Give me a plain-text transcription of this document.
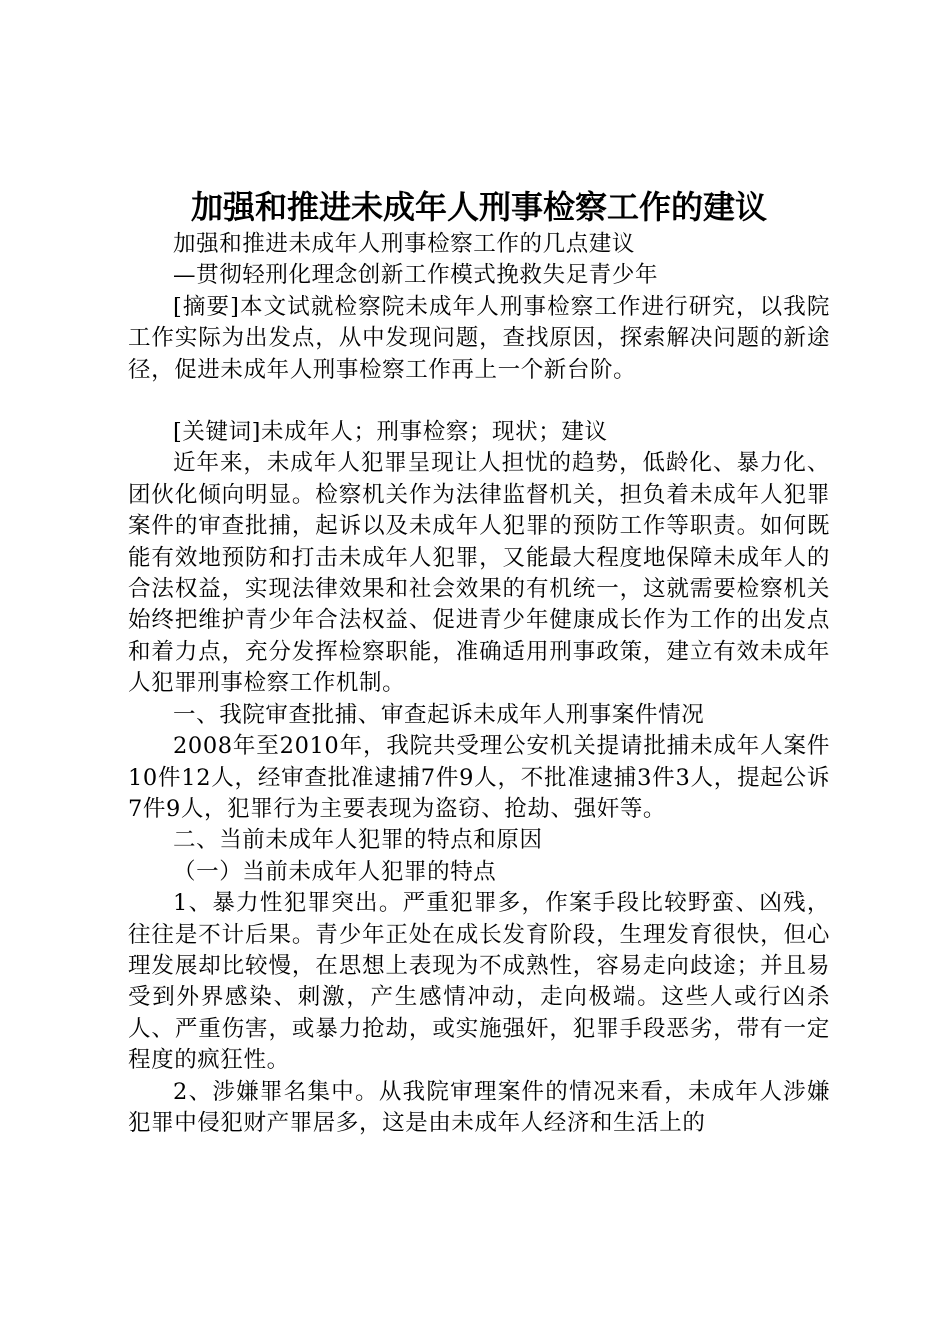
加强和推进未成年人刑事检察工作的建议

加强和推进未成年人刑事检察工作的几点建议

—贯彻轻刑化理念创新工作模式挽救失足青少年

[摘要]本文试就检察院未成年人刑事检察工作进行研究，以我院工作实际为出发点，从中发现问题，查找原因，探索解决问题的新途径，促进未成年人刑事检察工作再上一个新台阶。

[关键词]未成年人；刑事检察；现状；建议

近年来，未成年人犯罪呈现让人担忧的趋势，低龄化、暴力化、团伙化倾向明显。检察机关作为法律监督机关，担负着未成年人犯罪案件的审查批捕，起诉以及未成年人犯罪的预防工作等职责。如何既能有效地预防和打击未成年人犯罪，又能最大程度地保障未成年人的合法权益，实现法律效果和社会效果的有机统一，这就需要检察机关始终把维护青少年合法权益、促进青少年健康成长作为工作的出发点和着力点，充分发挥检察职能，准确适用刑事政策，建立有效未成年人犯罪刑事检察工作机制。

一、我院审查批捕、审查起诉未成年人刑事案件情况

2008年至2010年，我院共受理公安机关提请批捕未成年人案件10件12人，经审查批准逮捕7件9人，不批准逮捕3件3人，提起公诉7件9人，犯罪行为主要表现为盗窃、抢劫、强奸等。

二、当前未成年人犯罪的特点和原因

（一）当前未成年人犯罪的特点

1、暴力性犯罪突出。严重犯罪多，作案手段比较野蛮、凶残，往往是不计后果。青少年正处在成长发育阶段，生理发育很快，但心理发展却比较慢，在思想上表现为不成熟性，容易走向歧途；并且易受到外界感染、刺激，产生感情冲动，走向极端。这些人或行凶杀人、严重伤害，或暴力抢劫，或实施强奸，犯罪手段恶劣，带有一定程度的疯狂性。

2、涉嫌罪名集中。从我院审理案件的情况来看，未成年人涉嫌犯罪中侵犯财产罪居多，这是由未成年人经济和生活上的
